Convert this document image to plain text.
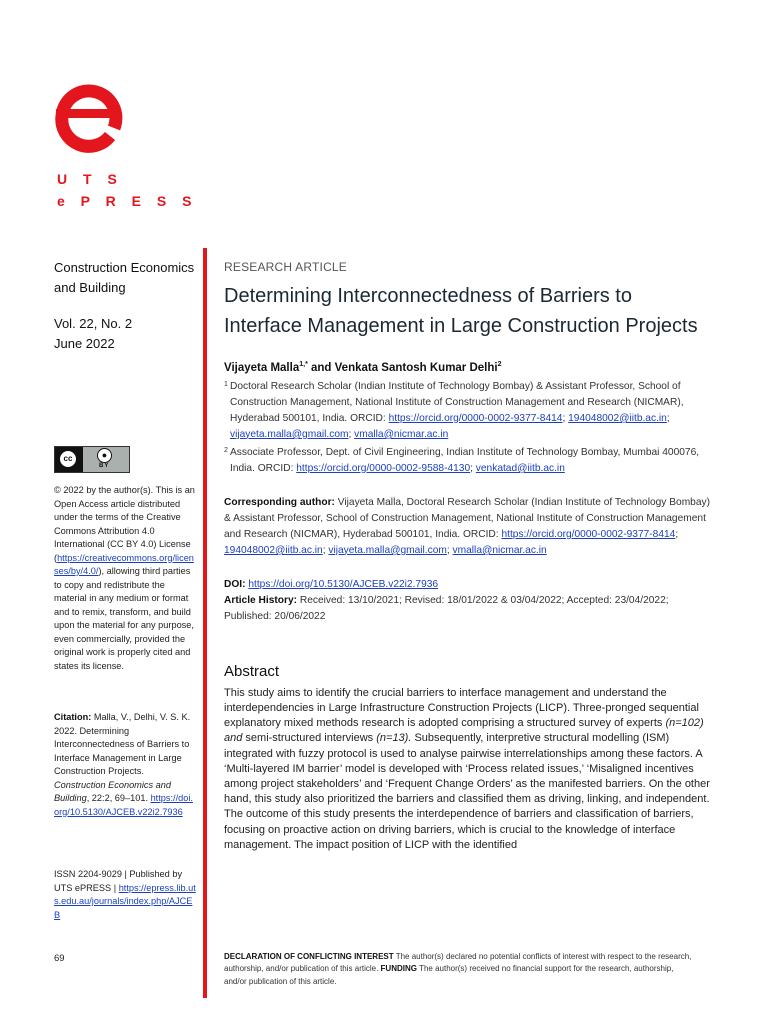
U T S
e P R E S S
Construction Economics and Building
Vol. 22, No. 2
June 2022
cc	●
BY
© 2022 by the author(s). This is an Open Access article distributed under the terms of the Creative Commons Attribution 4.0 International (CC BY 4.0) License (https://creativecommons.org/licenses/by/4.0/), allowing third parties to copy and redistribute the material in any medium or format and to remix, transform, and build upon the material for any purpose, even commercially, provided the original work is properly cited and states its license.
Citation: Malla, V., Delhi, V. S. K. 2022. Determining Interconnectedness of Barriers to Interface Management in Large Construction Projects. Construction Economics and Building, 22:2, 69–101. https://doi.org/10.5130/AJCEB.v22i2.7936
ISSN 2204-9029 | Published by UTS ePRESS | https://epress.lib.uts.edu.au/journals/index.php/AJCEB
69
RESEARCH ARTICLE
Determining Interconnectedness of Barriers to Interface Management in Large Construction Projects
Vijayeta Malla$^{1,*}$ and Venkata Santosh Kumar Delhi$^2$
1 Doctoral Research Scholar (Indian Institute of Technology Bombay) & Assistant Professor, School of Construction Management, National Institute of Construction Management and Research (NICMAR), Hyderabad 500101, India. ORCID: https://orcid.org/0000-0002-9377-8414; 194048002@iitb.ac.in; vijayeta.malla@gmail.com; vmalla@nicmar.ac.in
2 Associate Professor, Dept. of Civil Engineering, Indian Institute of Technology Bombay, Mumbai 400076, India. ORCID: https://orcid.org/0000-0002-9588-4130; venkatad@iitb.ac.in
Corresponding author: Vijayeta Malla, Doctoral Research Scholar (Indian Institute of Technology Bombay) & Assistant Professor, School of Construction Management, National Institute of Construction Management and Research (NICMAR), Hyderabad 500101, India. ORCID: https://orcid.org/0000-0002-9377-8414; 194048002@iitb.ac.in; vijayeta.malla@gmail.com; vmalla@nicmar.ac.in
DOI: https://doi.org/10.5130/AJCEB.v22i2.7936
Article History: Received: 13/10/2021; Revised: 18/01/2022 & 03/04/2022; Accepted: 23/04/2022; Published: 20/06/2022
Abstract
This study aims to identify the crucial barriers to interface management and understand the interdependencies in Large Infrastructure Construction Projects (LICP). Three-pronged sequential explanatory mixed methods research is adopted comprising a structured survey of experts (n=102) and semi-structured interviews (n=13). Subsequently, interpretive structural modelling (ISM) integrated with fuzzy protocol is used to analyse pairwise interrelationships among these factors. A ‘Multi-layered IM barrier’ model is developed with ‘Process related issues,’ ‘Misaligned incentives among project stakeholders’ and ‘Frequent Change Orders’ as the manifested barriers. On the other hand, this study also prioritized the barriers and classified them as driving, linking, and independent. The outcome of this study presents the interdependence of barriers and classification of barriers, focusing on proactive action on driving barriers, which is crucial to the knowledge of interface management. The impact position of LICP with the identified
DECLARATION OF CONFLICTING INTEREST The author(s) declared no potential conflicts of interest with respect to the research, authorship, and/or publication of this article. FUNDING The author(s) received no financial support for the research, authorship, and/or publication of this article.
